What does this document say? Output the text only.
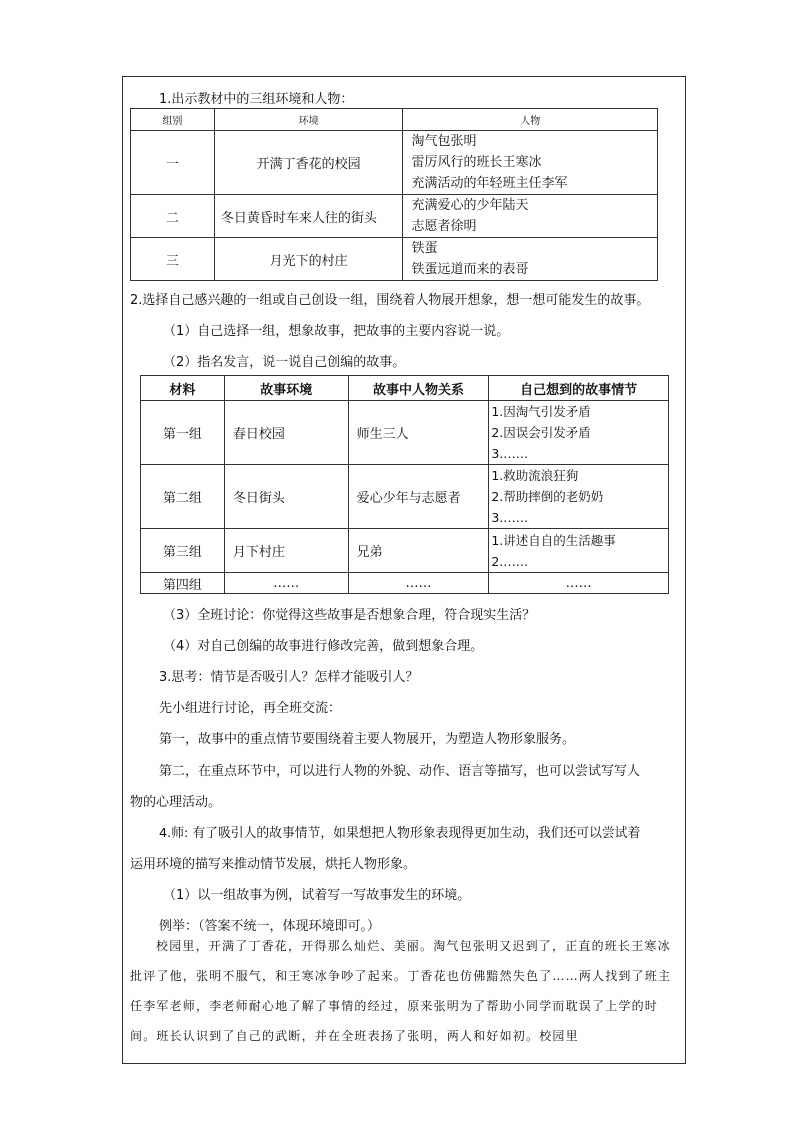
1.出示教材中的三组环境和人物：
组别	环境	人物
一	开满丁香花的校园	淘气包张明
雷厉风行的班长王寒冰
充满活动的年轻班主任李军

二	冬日黄昏时车来人往的街头	充满爱心的少年陆天
志愿者徐明

三	月光下的村庄	铁蛋
铁蛋远道而来的表哥
2.选择自己感兴趣的一组或自己创设一组，围绕着人物展开想象，想一想可能发生的故事。
（1）自己选择一组，想象故事，把故事的主要内容说一说。
（2）指名发言，说一说自己创编的故事。
材料	故事环境	故事中人物关系	自己想到的故事情节
第一组	春日校园	师生三人	1.因淘气引发矛盾
2.因误会引发矛盾
3.……

第二组	冬日街头	爱心少年与志愿者	1.救助流浪狂狗
2.帮助摔倒的老奶奶
3.……

第三组	月下村庄	兄弟	1.讲述自自的生活趣事
2.……

第四组	……	……	……
（3）全班讨论：你觉得这些故事是否想象合理，符合现实生活？
（4）对自己创编的故事进行修改完善，做到想象合理。
3.思考：情节是否吸引人？怎样才能吸引人？
先小组进行讨论，再全班交流：
第一，故事中的重点情节要围绕着主要人物展开，为塑造人物形象服务。
第二，在重点环节中，可以进行人物的外貌、动作、语言等描写，也可以尝试写写人
物的心理活动。
4.师: 有了吸引人的故事情节，如果想把人物形象表现得更加生动，我们还可以尝试着
运用环境的描写来推动情节发展，烘托人物形象。
（1）以一组故事为例，试着写一写故事发生的环境。
例举：（答案不统一，体现环境即可。）
校园里，开满了丁香花，开得那么灿烂、美丽。淘气包张明又迟到了，正直的班长王寒冰批评了他，张明不服气，和王寒冰争吵了起来。丁香花也仿佛黯然失色了……两人找到了班主任李军老师，李老师耐心地了解了事情的经过，原来张明为了帮助小同学而耽误了上学的时间。班长认识到了自己的武断，并在全班表扬了张明，两人和好如初。校园里
